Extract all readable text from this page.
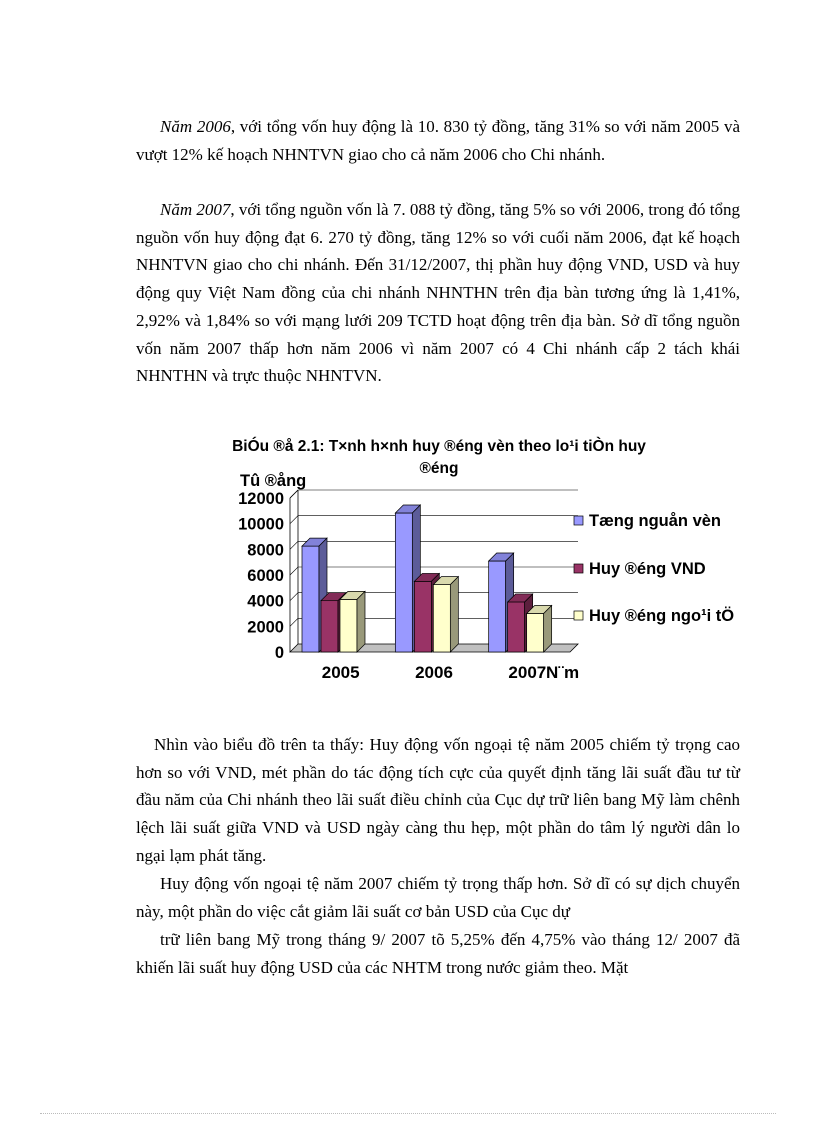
Năm 2006, với tổng vốn huy động là 10. 830 tỷ đồng, tăng 31% so với năm 2005 và vượt 12% kế hoạch NHNTVN giao cho cả năm 2006 cho Chi nhánh.

Năm 2007, với tổng nguồn vốn là 7. 088 tỷ đồng, tăng 5% so với 2006, trong đó tổng nguồn vốn huy động đạt 6. 270 tỷ đồng, tăng 12% so với cuối năm 2006, đạt kế hoạch NHNTVN giao cho chi nhánh. Đến 31/12/2007, thị phần huy động VND, USD và huy động quy Việt Nam đồng của chi nhánh NHNTHN trên địa bàn tương ứng là 1,41%, 2,92% và 1,84% so với mạng lưới 209 TCTD hoạt động trên địa bàn. Sở dĩ tổng nguồn vốn năm 2007 thấp hơn năm 2006 vì năm 2007 có 4 Chi nhánh cấp 2 tách khái NHNTHN và trực thuộc NHNTVN.

BiÓu ®å 2.1: T×nh h×nh huy ®éng vèn theo lo¹i tiÒn huy
®éng
Tû ®ång
0
2000
4000
6000
8000
10000
12000
2005	2006	2007 N¨m
Tæng nguån vèn
Huy ®éng VND
Huy ®éng ngo¹i tÖ

Nhìn vào biểu đồ trên ta thấy: Huy động vốn ngoại tệ năm 2005 chiếm tỷ trọng cao hơn so với VND, mét phần do tác động tích cực của quyết định tăng lãi suất đầu tư từ đầu năm của Chi nhánh theo lãi suất điều chỉnh của Cục dự trữ liên bang Mỹ làm chênh lệch lãi suất giữa VND và USD ngày càng thu hẹp, một phần do tâm lý người dân lo ngại lạm phát tăng.

Huy động vốn ngoại tệ năm 2007 chiếm tỷ trọng thấp hơn. Sở dĩ có sự dịch chuyển này, một phần do việc cắt giảm lãi suất cơ bản USD của Cục dự

trữ liên bang Mỹ trong tháng 9/ 2007 tõ 5,25% đến 4,75% vào tháng 12/ 2007 đã khiến lãi suất huy động USD của các NHTM trong nước giảm theo. Mặt
